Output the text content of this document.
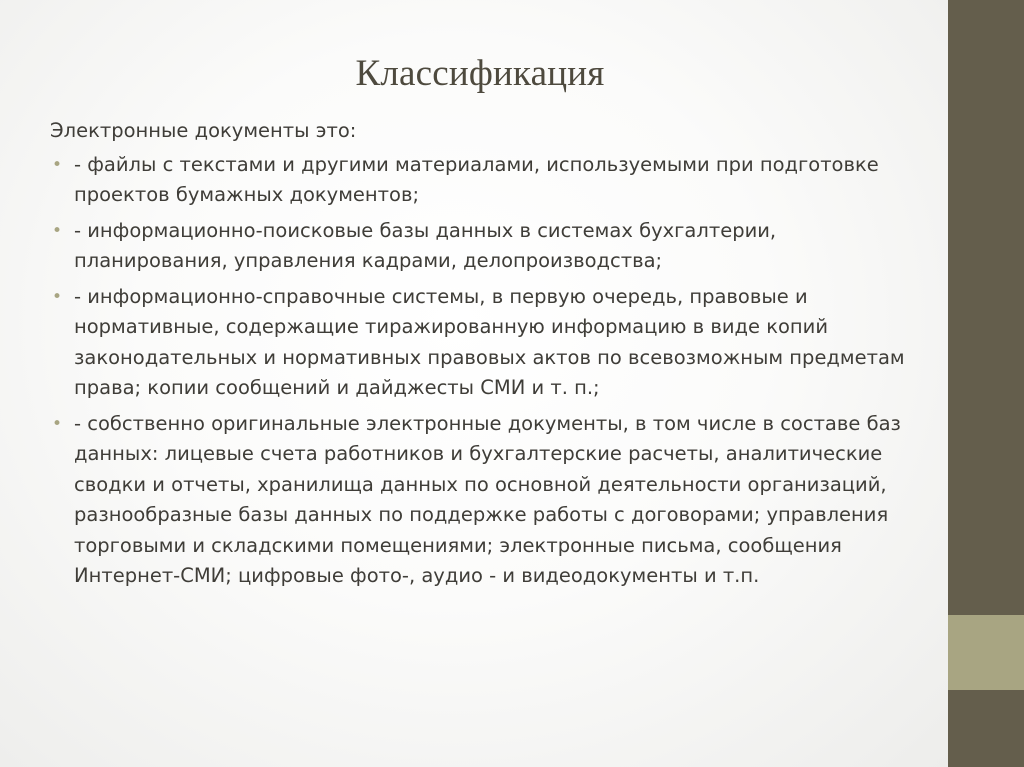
Классификация

Электронные документы это:

• - файлы с текстами и другими материалами, используемыми при подготовке проектов бумажных документов;
• - информационно-поисковые базы данных в системах бухгалтерии, планирования, управления кадрами, делопроизводства;
• - информационно-справочные системы, в первую очередь, правовые и нормативные, содержащие тиражированную информацию в виде копий законодательных и нормативных правовых актов по всевозможным предметам права; копии сообщений и дайджесты СМИ и т. п.;
• - собственно оригинальные электронные документы, в том числе в составе баз данных: лицевые счета работников и бухгалтерские расчеты, аналитические сводки и отчеты, хранилища данных по основной деятельности организаций, разнообразные базы данных по поддержке работы с договорами; управления торговыми и складскими помещениями; электронные письма, сообщения Интернет-СМИ; цифровые фото-, аудио - и видеодокументы и т.п.
